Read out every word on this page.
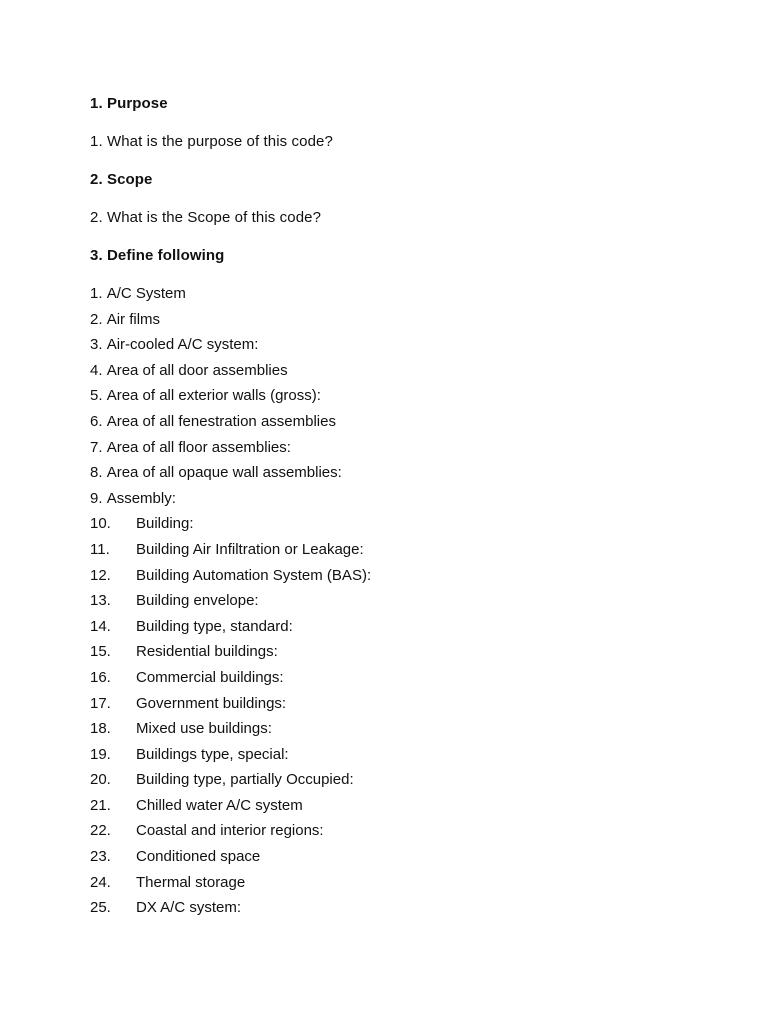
1. Purpose
1. What is the purpose of this code?
2. Scope
2. What is the Scope of this code?
3. Define following
1.
A/C System
2.
Air films
3.
Air-cooled A/C system:
4.
Area of all door assemblies
5.
Area of all exterior walls (gross):
6.
Area of all fenestration assemblies
7.
Area of all floor assemblies:
8.
Area of all opaque wall assemblies:
9.
Assembly:
10.	Building:
11.	Building Air Infiltration or Leakage:
12.	Building Automation System (BAS):
13.	Building envelope:
14.	Building type, standard:
15.	Residential buildings:
16.	Commercial buildings:
17.	Government buildings:
18.	Mixed use buildings:
19.	Buildings type, special:
20.	Building type, partially Occupied:
21.	Chilled water A/C system
22.	Coastal and interior regions:
23.	Conditioned space
24.	Thermal storage
25.	DX A/C system:
